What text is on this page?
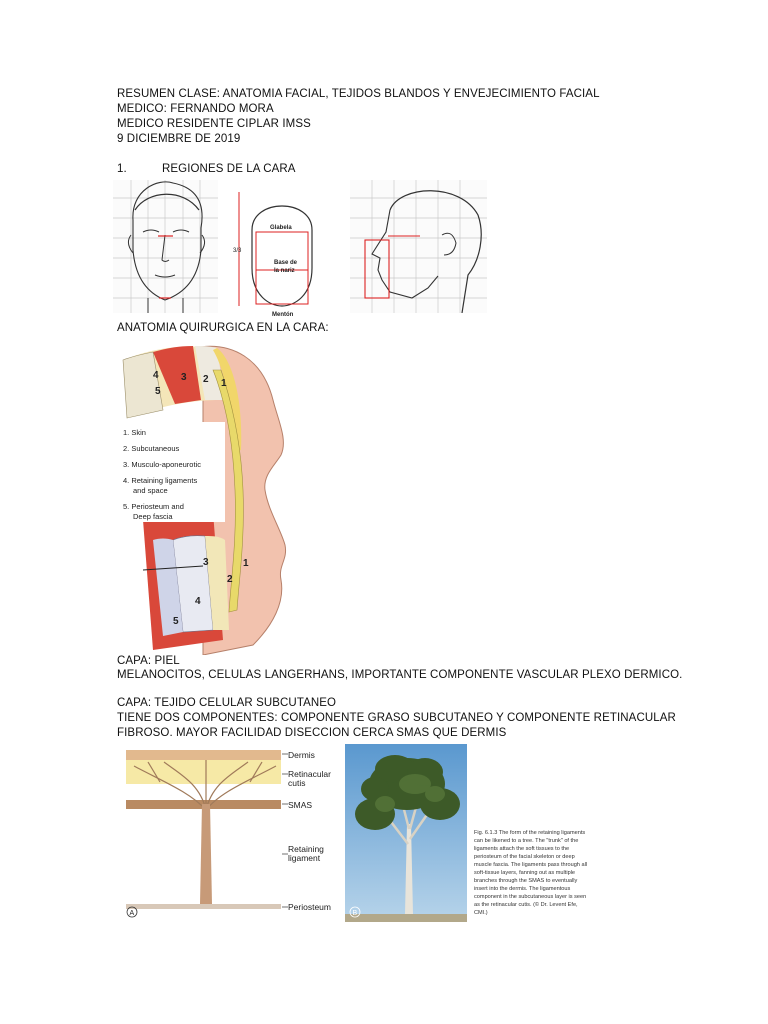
RESUMEN CLASE: ANATOMIA FACIAL, TEJIDOS BLANDOS Y ENVEJECIMIENTO FACIAL
MEDICO: FERNANDO MORA
MEDICO RESIDENTE CIPLAR IMSS
9 DICIEMBRE DE 2019
1.	REGIONES DE LA CARA
3/3
Glabela
Base de
la nariz
Mentón
ANATOMIA QUIRURGICA EN LA CARA:
4
5
3 2 1
3
2
1
4
5
1. Skin
2. Subcutaneous
3. Musculo-aponeurotic
4. Retaining ligaments
and space
5. Periosteum and
Deep fascia
CAPA: PIEL
MELANOCITOS, CELULAS LANGERHANS, IMPORTANTE COMPONENTE VASCULAR PLEXO DERMICO.
CAPA: TEJIDO CELULAR SUBCUTANEO
TIENE DOS COMPONENTES: COMPONENTE GRASO SUBCUTANEO Y COMPONENTE RETINACULAR
FIBROSO. MAYOR FACILIDAD DISECCION CERCA SMAS QUE DERMIS
Dermis
Retinacular
cutis
SMAS
Retaining
ligament
Periosteum
A	B
Fig. 6.1.3 The form of the retaining ligaments
can be likened to a tree. The "trunk" of the
ligaments attach the soft tissues to the
periosteum of the facial skeleton or deep
muscle fascia. The ligaments pass through all
soft-tissue layers, fanning out as multiple
branches through the SMAS to eventually
insert into the dermis. The ligamentous
component in the subcutaneous layer is seen
as the retinacular cutis. (© Dr. Levent Efe,
CMI.)
